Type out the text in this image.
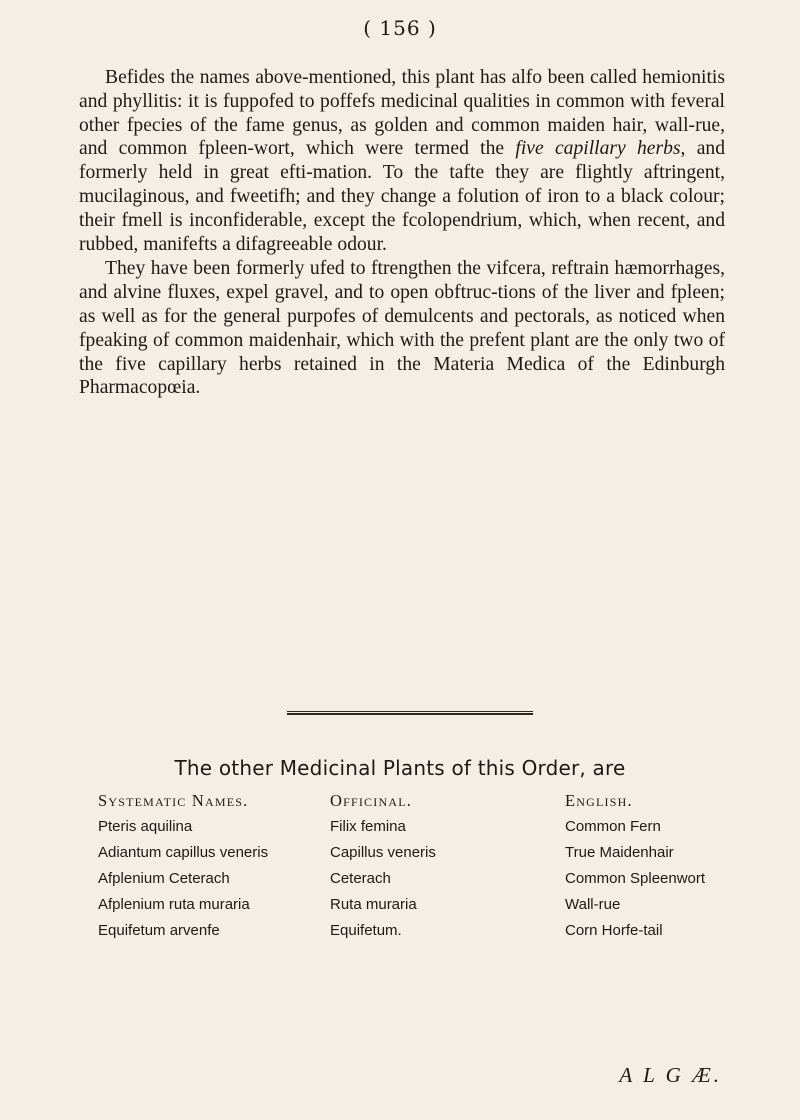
( 156 )

Befides the names above-mentioned, this plant has alfo been called hemionitis and phyllitis: it is fuppofed to poffefs medicinal qualities in common with feveral other fpecies of the fame genus, as golden and common maiden hair, wall-rue, and common fpleen-wort, which were termed the five capillary herbs, and formerly held in great efti-mation. To the tafte they are flightly aftringent, mucilaginous, and fweetifh; and they change a folution of iron to a black colour; their fmell is inconfiderable, except the fcolopendrium, which, when recent, and rubbed, manifefts a difagreeable odour.

They have been formerly ufed to ftrengthen the vifcera, reftrain hæmorrhages, and alvine fluxes, expel gravel, and to open obftruc-tions of the liver and fpleen; as well as for the general purpofes of demulcents and pectorals, as noticed when fpeaking of common maidenhair, which with the prefent plant are the only two of the five capillary herbs retained in the Materia Medica of the Edinburgh Pharmacopœia.

The other Medicinal Plants of this Order, are
Systematic Names.
Pteris aquilina
Adiantum capillus veneris
Afplenium Ceterach
Afplenium ruta muraria
Equifetum arvenfe
Officinal.
Filix femina
Capillus veneris
Ceterach
Ruta muraria
Equifetum.
English.
Common Fern
True Maidenhair
Common Spleenwort
Wall-rue
Corn Horfe-tail
A L G Æ.
